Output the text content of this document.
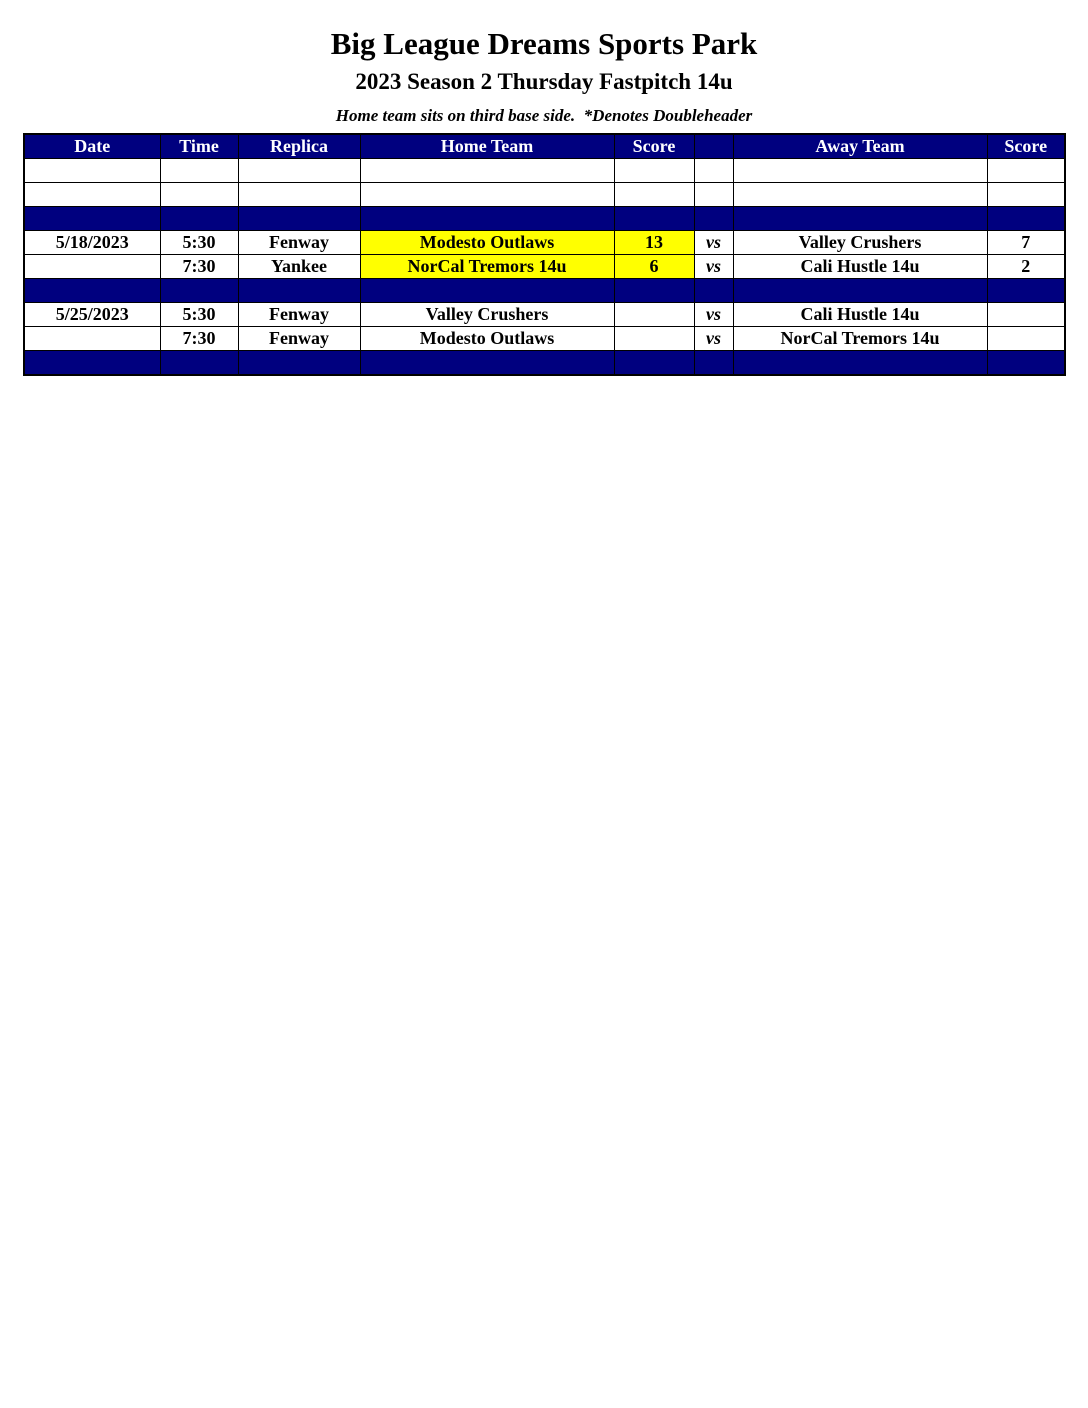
Big League Dreams Sports Park
2023 Season 2 Thursday Fastpitch 14u
Home team sits on third base side.  *Denotes Doubleheader
Date	Time	Replica	Home Team	Score		Away Team	Score

5/18/2023	5:30	Fenway	Modesto Outlaws	13	vs	Valley Crushers	7
	7:30	Yankee	NorCal Tremors 14u	6	vs	Cali Hustle 14u	2

5/25/2023	5:30	Fenway	Valley Crushers		vs	Cali Hustle 14u	
	7:30	Fenway	Modesto Outlaws		vs	NorCal Tremors 14u	
